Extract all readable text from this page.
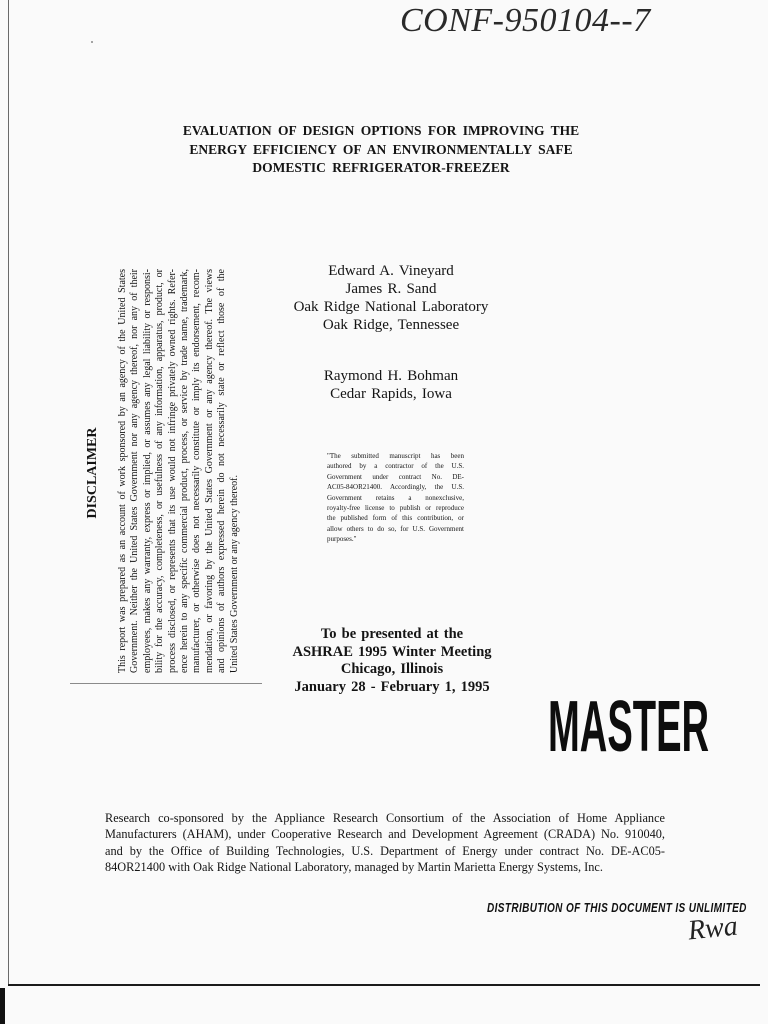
CONF-950104--7
EVALUATION OF DESIGN OPTIONS FOR IMPROVING THE
ENERGY EFFICIENCY OF AN ENVIRONMENTALLY SAFE
DOMESTIC REFRIGERATOR-FREEZER
Edward A. Vineyard
James R. Sand
Oak Ridge National Laboratory
Oak Ridge, Tennessee
Raymond H. Bohman
Cedar Rapids, Iowa
"The submitted manuscript has been
authored by a contractor of the U.S.
Government under contract No. DE-
AC05-84OR21400. Accordingly, the U.S.
Government retains a nonexclusive,
royalty-free license to publish or reproduce
the published form of this contribution, or
allow others to do so, for U.S. Government
purposes."
To be presented at the
ASHRAE 1995 Winter Meeting
Chicago, Illinois
January 28 - February 1, 1995 MASTER
DISCLAIMER This report was prepared as an account of work sponsored by an agency of the United States Government. Neither the United States Government nor any agency thereof, nor any of their employees, makes any warranty, express or implied, or assumes any legal liability or responsi- bility for the accuracy, completeness, or usefulness of any information, apparatus, product, or process disclosed, or represents that its use would not infringe privately owned rights. Refer- ence herein to any specific commercial product, process, or service by trade name, trademark, manufacturer, or otherwise does not necessarily constitute or imply its endorsement, recom- mendation, or favoring by the United States Government or any agency thereof. The views and opinions of authors expressed herein do not necessarily state or reflect those of the United States Government or any agency thereof.
Research co-sponsored by the Appliance Research Consortium of the Association of Home Appliance
Manufacturers (AHAM), under Cooperative Research and Development Agreement (CRADA) No. 910040,
and by the Office of Building Technologies, U.S. Department of Energy under contract No. DE-AC05-
84OR21400 with Oak Ridge National Laboratory, managed by Martin Marietta Energy Systems, Inc.
DISTRIBUTION OF THIS DOCUMENT IS UNLIMITED
Rwa
